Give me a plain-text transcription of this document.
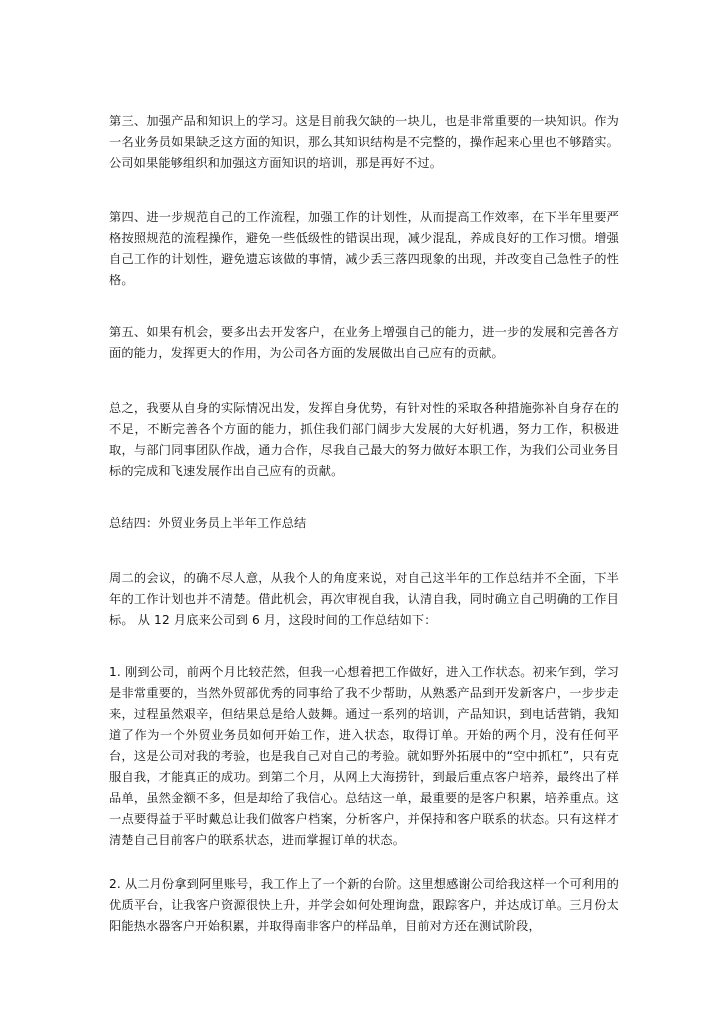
第三、加强产品和知识上的学习。这是目前我欠缺的一块儿，也是非常重要的一块知识。作为一名业务员如果缺乏这方面的知识，那么其知识结构是不完整的，操作起来心里也不够踏实。公司如果能够组织和加强这方面知识的培训，那是再好不过。

第四、进一步规范自己的工作流程，加强工作的计划性，从而提高工作效率，在下半年里要严格按照规范的流程操作，避免一些低级性的错误出现，减少混乱，养成良好的工作习惯。增强自己工作的计划性，避免遗忘该做的事情，减少丢三落四现象的出现，并改变自己急性子的性格。

第五、如果有机会，要多出去开发客户，在业务上增强自己的能力，进一步的发展和完善各方面的能力，发挥更大的作用，为公司各方面的发展做出自己应有的贡献。

总之，我要从自身的实际情况出发，发挥自身优势，有针对性的采取各种措施弥补自身存在的不足，不断完善各个方面的能力，抓住我们部门阔步大发展的大好机遇，努力工作，积极进取，与部门同事团队作战，通力合作，尽我自己最大的努力做好本职工作，为我们公司业务目标的完成和飞速发展作出自己应有的贡献。

总结四：外贸业务员上半年工作总结

周二的会议，的确不尽人意，从我个人的角度来说，对自己这半年的工作总结并不全面，下半年的工作计划也并不清楚。借此机会，再次审视自我，认清自我，同时确立自己明确的工作目标。 从 12 月底来公司到 6 月，这段时间的工作总结如下：

1. 刚到公司，前两个月比较茫然，但我一心想着把工作做好，进入工作状态。初来乍到，学习是非常重要的，当然外贸部优秀的同事给了我不少帮助，从熟悉产品到开发新客户，一步步走来，过程虽然艰辛，但结果总是给人鼓舞。通过一系列的培训，产品知识，到电话营销，我知道了作为一个外贸业务员如何开始工作，进入状态，取得订单。开始的两个月，没有任何平台，这是公司对我的考验，也是我自己对自己的考验。就如野外拓展中的“空中抓杠”，只有克服自我，才能真正的成功。到第二个月，从网上大海捞针，到最后重点客户培养，最终出了样品单，虽然金额不多，但是却给了我信心。总结这一单，最重要的是客户积累，培养重点。这一点要得益于平时戴总让我们做客户档案，分析客户，并保持和客户联系的状态。只有这样才清楚自己目前客户的联系状态，进而掌握订单的状态。

2. 从二月份拿到阿里账号，我工作上了一个新的台阶。这里想感谢公司给我这样一个可利用的优质平台，让我客户资源很快上升，并学会如何处理询盘，跟踪客户，并达成订单。三月份太阳能热水器客户开始积累，并取得南非客户的样品单，目前对方还在测试阶段，
